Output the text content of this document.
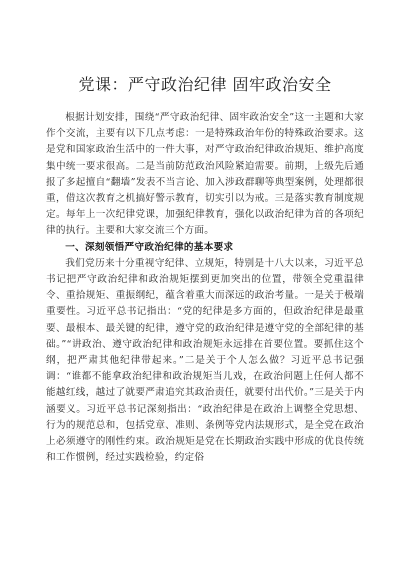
党课：严守政治纪律 固牢政治安全

根据计划安排，围绕“严守政治纪律、固牢政治安全”这一主题和大家作个交流，主要有以下几点考虑：一是特殊政治年份的特殊政治要求。这是党和国家政治生活中的一件大事，对严守政治纪律政治规矩、维护高度集中统一要求很高。二是当前防范政治风险紧迫需要。前期，上级先后通报了多起擅自“翻墙”发表不当言论、加入涉政群聊等典型案例，处理都很重，借这次教育之机搞好警示教育，切实引以为戒。三是落实教育制度规定。每年上一次纪律党课，加强纪律教育，强化以政治纪律为首的各项纪律的执行。主要和大家交流三个方面。

一、深刻领悟严守政治纪律的基本要求

我们党历来十分重视守纪律、立规矩，特别是十八大以来，习近平总书记把严守政治纪律和政治规矩摆到更加突出的位置，带领全党重温律令、重拾规矩、重振纲纪，蕴含着重大而深远的政治考量。一是关于极端重要性。习近平总书记指出：“党的纪律是多方面的，但政治纪律是最重要、最根本、最关键的纪律，遵守党的政治纪律是遵守党的全部纪律的基础。”“讲政治、遵守政治纪律和政治规矩永远排在首要位置。要抓住这个纲，把严肃其他纪律带起来。”二是关于个人怎么做？习近平总书记强调：“谁都不能拿政治纪律和政治规矩当儿戏，在政治问题上任何人都不能越红线，越过了就要严肃追究其政治责任，就要付出代价。”三是关于内涵要义。习近平总书记深刻指出：“政治纪律是在政治上调整全党思想、行为的规范总和，包括党章、准则、条例等党内法规形式，是全党在政治上必须遵守的刚性约束。政治规矩是党在长期政治实践中形成的优良传统和工作惯例，经过实践检验，约定俗
